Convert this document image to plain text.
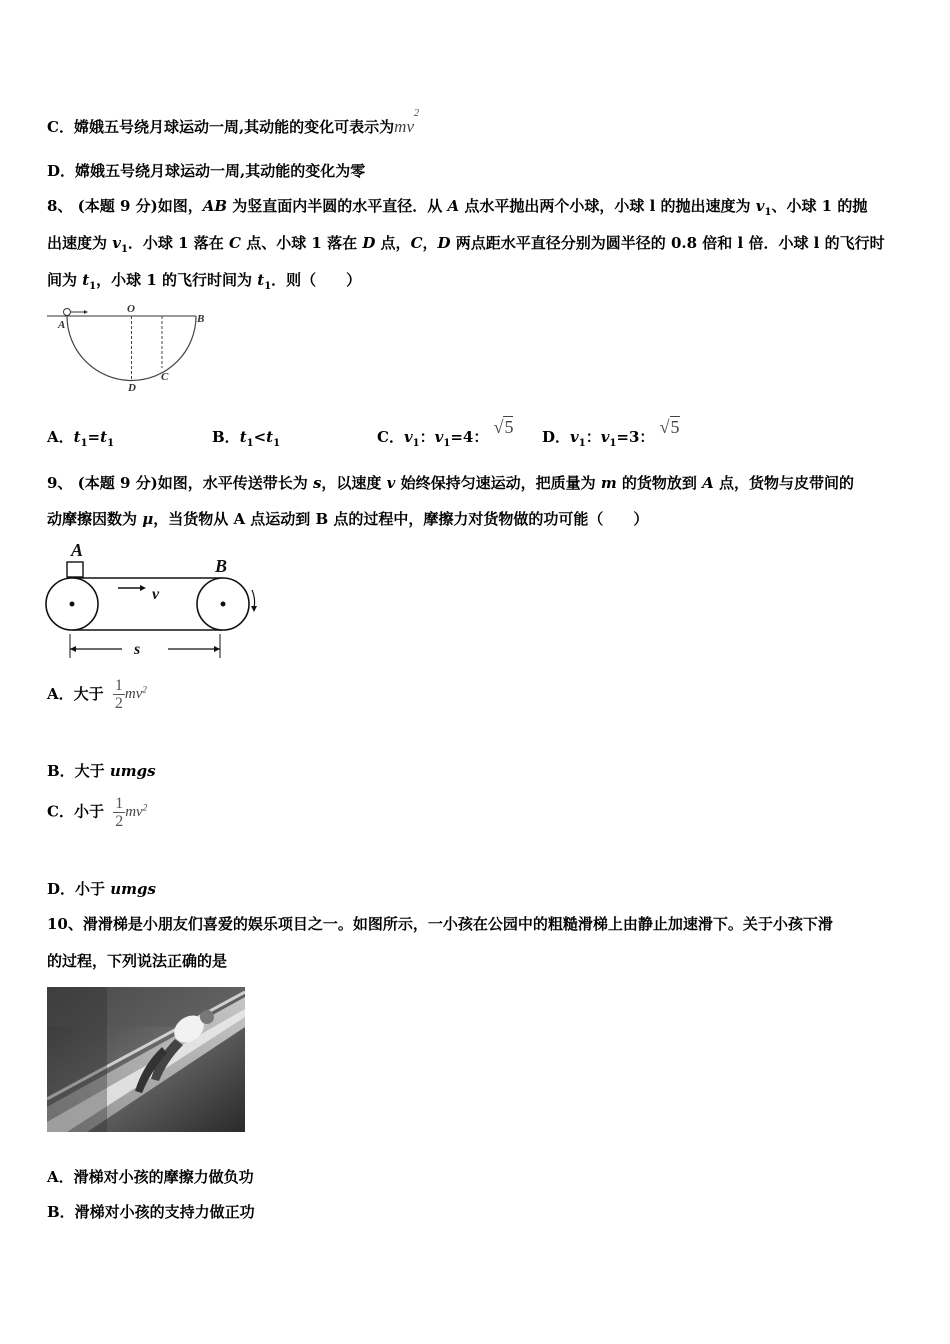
C．嫦娥五号绕月球运动一周,其动能的变化可表示为$mv^2$
D．嫦娥五号绕月球运动一周,其动能的变化为零
8、 (本题 9 分)如图，AB 为竖直面内半圆的水平直径．从 A 点水平抛出两个小球，小球 l 的抛出速度为 $v_1$、小球 1 的抛
出速度为 $v_1$．小球 1 落在 C 点、小球 1 落在 D 点，C，D 两点距水平直径分别为圆半径的 0.8 倍和 l 倍．小球 l 的飞行时
间为 $t_1$，小球 1 的飞行时间为 $t_1$．则（　　）
A
O
B
D
C
A．$t_1=t_1$	B．$t_1<t_1$	C．$v_1$：$v_1=4$： √5 D．$v_1$：$v_1=3$： √5
9、 (本题 9 分)如图，水平传送带长为 s，以速度 v 始终保持匀速运动，把质量为 m 的货物放到 A 点，货物与皮带间的
动摩擦因数为 μ，当货物从 A 点运动到 B 点的过程中，摩擦力对货物做的功可能（　　）
A
B
v
s
A．大于 $\frac{1}{2} mv^2$
B．大于 umgs
C．小于 $\frac{1}{2} mv^2$
D．小于 umgs
10、滑滑梯是小朋友们喜爱的娱乐项目之一。如图所示，一小孩在公园中的粗糙滑梯上由静止加速滑下。关于小孩下滑
的过程，下列说法正确的是
A．滑梯对小孩的摩擦力做负功
B．滑梯对小孩的支持力做正功
